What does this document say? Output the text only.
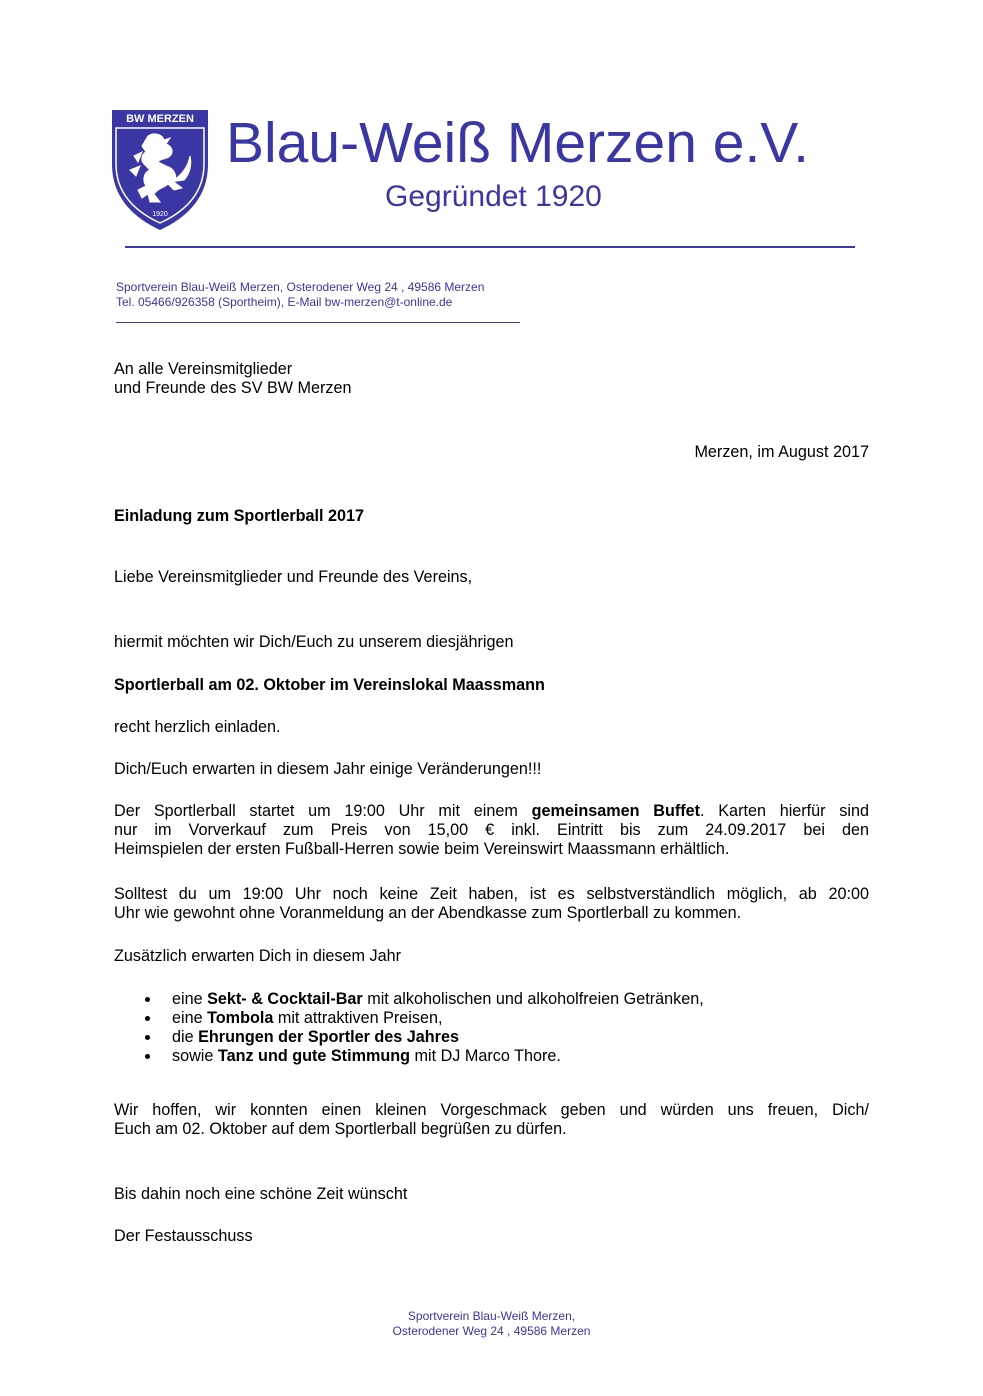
BW MERZEN
1920
Blau-Weiß Merzen e.V.
Gegründet 1920
Sportverein Blau-Weiß Merzen, Osterodener Weg 24 , 49586 Merzen
Tel. 05466/926358 (Sportheim), E-Mail bw-merzen@t-online.de
An alle Vereinsmitglieder
und Freunde des SV BW Merzen
Merzen, im August 2017
Einladung zum Sportlerball 2017
Liebe Vereinsmitglieder und Freunde des Vereins,
hiermit möchten wir Dich/Euch zu unserem diesjährigen
Sportlerball am 02. Oktober im Vereinslokal Maassmann
recht herzlich einladen.
Dich/Euch erwarten in diesem Jahr einige Veränderungen!!!
Der Sportlerball startet um 19:00 Uhr mit einem gemeinsamen Buffet. Karten hierfür sind
nur im Vorverkauf zum Preis von 15,00 € inkl. Eintritt bis zum 24.09.2017 bei den
Heimspielen der ersten Fußball-Herren sowie beim Vereinswirt Maassmann erhältlich.
Solltest du um 19:00 Uhr noch keine Zeit haben, ist es selbstverständlich möglich, ab 20:00
Uhr wie gewohnt ohne Voranmeldung an der Abendkasse zum Sportlerball zu kommen.
Zusätzlich erwarten Dich in diesem Jahr
eine Sekt- & Cocktail-Bar mit alkoholischen und alkoholfreien Getränken,
eine Tombola mit attraktiven Preisen,
die Ehrungen der Sportler des Jahres
sowie Tanz und gute Stimmung mit DJ Marco Thore.
Wir hoffen, wir konnten einen kleinen Vorgeschmack geben und würden uns freuen, Dich/
Euch am 02. Oktober auf dem Sportlerball begrüßen zu dürfen.
Bis dahin noch eine schöne Zeit wünscht
Der Festausschuss
Sportverein Blau-Weiß Merzen,
Osterodener Weg 24 , 49586 Merzen
